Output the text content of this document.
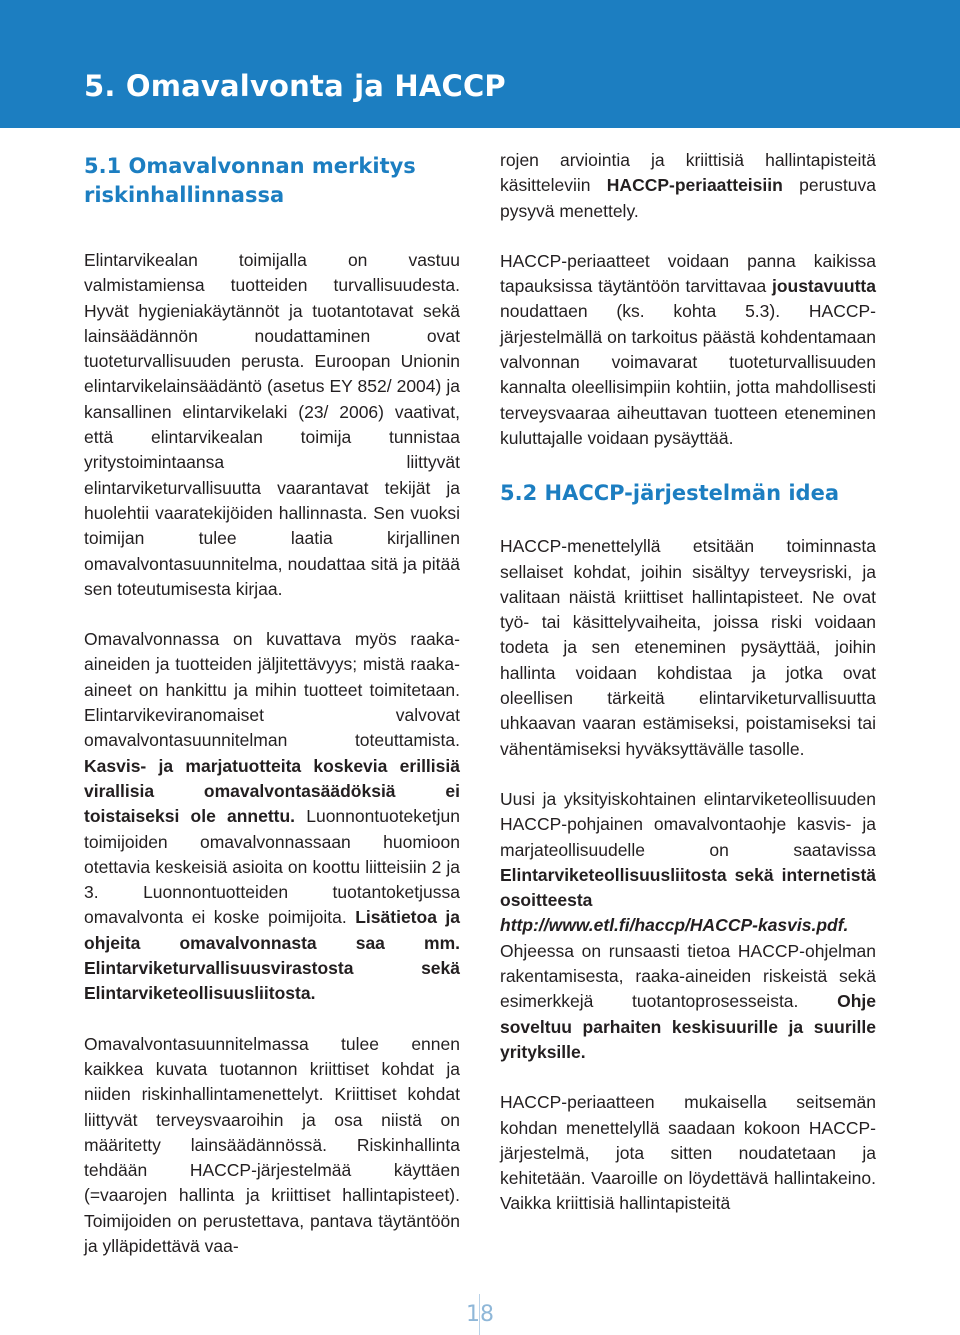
5. Omavalvonta ja HACCP
5.1 Omavalvonnan merkitys
riskinhallinnassa

Elintarvikealan toimijalla on vastuu valmistamiensa tuotteiden turvallisuudesta. Hyvät hygieniakäytännöt ja tuotantotavat sekä lainsäädännön noudattaminen ovat tuoteturvallisuuden perusta. Euroopan Unionin elintarvikelainsäädäntö (asetus EY 852/ 2004) ja kansallinen elintarvikelaki (23/ 2006) vaativat, että elintarvikealan toimija tunnistaa yritystoimintaansa liittyvät elintarviketurvallisuutta vaarantavat tekijät ja huolehtii vaaratekijöiden hallinnasta. Sen vuoksi toimijan tulee laatia kirjallinen omavalvontasuunnitelma, noudattaa sitä ja pitää sen toteutumisesta kirjaa.

Omavalvonnassa on kuvattava myös raaka-aineiden ja tuotteiden jäljitettävyys; mistä raaka-aineet on hankittu ja mihin tuotteet toimitetaan. Elintarvikeviranomaiset valvovat omavalvontasuunnitelman toteuttamista. Kasvis- ja marjatuotteita koskevia erillisiä virallisia omavalvontasäädöksiä ei toistaiseksi ole annettu. Luonnontuoteketjun toimijoiden omavalvonnassaan huomioon otettavia keskeisiä asioita on koottu liitteisiin 2 ja 3. Luonnontuotteiden tuotantoketjussa omavalvonta ei koske poimijoita. Lisätietoa ja ohjeita omavalvonnasta saa mm. Elintarviketurvallisuusvirastosta sekä Elintarviketeollisuusliitosta.

Omavalvontasuunnitelmassa tulee ennen kaikkea kuvata tuotannon kriittiset kohdat ja niiden riskinhallintamenettelyt. Kriittiset kohdat liittyvät terveysvaaroihin ja osa niistä on määritetty lainsäädännössä. Riskinhallinta tehdään HACCP-järjestelmää käyttäen (=vaarojen hallinta ja kriittiset hallintapisteet). Toimijoiden on perustettava, pantava täytäntöön ja ylläpidettävä vaa-

rojen arviointia ja kriittisiä hallintapisteitä käsitteleviin HACCP-periaatteisiin perustuva pysyvä menettely.

HACCP-periaatteet voidaan panna kaikissa tapauksissa täytäntöön tarvittavaa joustavuutta noudattaen (ks. kohta 5.3). HACCP-järjestelmällä on tarkoitus päästä kohdentamaan valvonnan voimavarat tuoteturvallisuuden kannalta oleellisimpiin kohtiin, jotta mahdollisesti terveysvaaraa aiheuttavan tuotteen eteneminen kuluttajalle voidaan pysäyttää.

5.2 HACCP-järjestelmän idea

HACCP-menettelyllä etsitään toiminnasta sellaiset kohdat, joihin sisältyy terveysriski, ja valitaan näistä kriittiset hallintapisteet. Ne ovat työ- tai käsittelyvaiheita, joissa riski voidaan todeta ja sen eteneminen pysäyttää, joihin hallinta voidaan kohdistaa ja jotka ovat oleellisen tärkeitä elintarviketurvallisuutta uhkaavan vaaran estämiseksi, poistamiseksi tai vähentämiseksi hyväksyttävälle tasolle.

Uusi ja yksityiskohtainen elintarviketeollisuuden HACCP-pohjainen omavalvontaohje kasvis- ja marjateollisuudelle on saatavissa Elintarviketeollisuusliitosta sekä internetistä osoitteesta
http://www.etl.fi/haccp/HACCP-kasvis.pdf. Ohjeessa on runsaasti tietoa HACCP-ohjelman rakentamisesta, raaka-aineiden riskeistä sekä esimerkkejä tuotantoprosesseista. Ohje soveltuu parhaiten keskisuurille ja suurille yrityksille.

HACCP-periaatteen mukaisella seitsemän kohdan menettelyllä saadaan kokoon HACCP-järjestelmä, jota sitten noudatetaan ja kehitetään. Vaaroille on löydettävä hallintakeino. Vaikka kriittisiä hallintapisteitä

18
